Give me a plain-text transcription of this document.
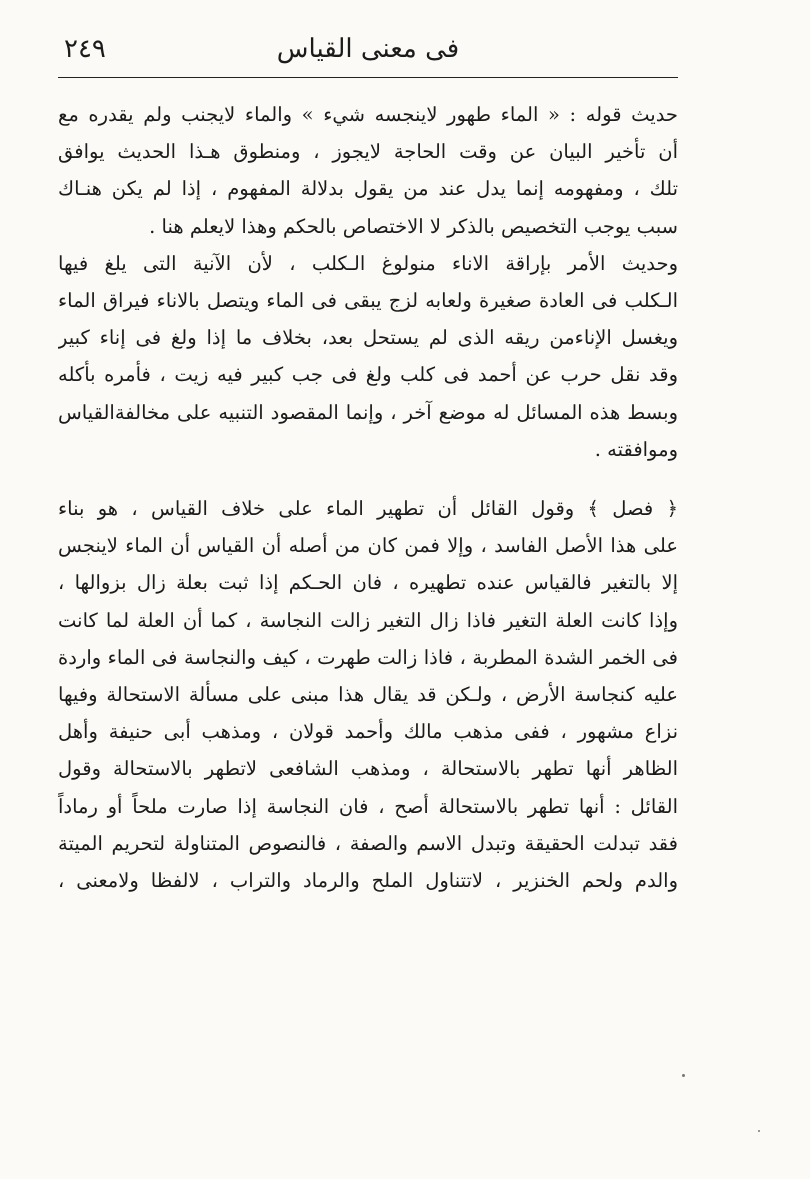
فى معنى القياس
٢٤٩
حديث قوله : « الماء طهور لاينجسه شيء » والماء لايجنب ولم يقدره مع
أن تأخير البيان عن وقت الحاجة لايجوز ، ومنطوق هـذا الحديث يوافق
تلك ، ومفهومه إنما يدل عند من يقول بدلالة المفهوم ، إذا لم يكن هنـاك
سبب يوجب التخصيص بالذكر لا الاختصاص بالحكم وهذا لايعلم هنا .
وحديث الأمر بإراقة الاناء منولوغ الـكلب ، لأن الآنية التى يلغ فيها
الـكلب فى العادة صغيرة ولعابه لزج يبقى فى الماء ويتصل بالاناء فيراق الماء
ويغسل الإناءمن ريقه الذى لم يستحل بعد، بخلاف ما إذا ولغ فى إناء كبير
وقد نقل حرب عن أحمد فى كلب ولغ فى جب كبير فيه زيت ، فأمره بأكله
وبسط هذه المسائل له موضع آخر ، وإنما المقصود التنبيه على مخالفةالقياس
وموافقته .
﴿ فصل ﴾ وقول القائل أن تطهير الماء على خلاف القياس ، هو بناء
على هذا الأصل الفاسد ، وإلا فمن كان من أصله أن القياس أن الماء لاينجس
إلا بالتغير فالقياس عنده تطهيره ، فان الحـكم إذا ثبت بعلة زال بزوالها ،
وإذا كانت العلة التغير فاذا زال التغير زالت النجاسة ، كما أن العلة لما كانت
فى الخمر الشدة المطربة ، فاذا زالت طهرت ، كيف والنجاسة فى الماء واردة
عليه كنجاسة الأرض ، ولـكن قد يقال هذا مبنى على مسألة الاستحالة وفيها
نزاع مشهور ، ففى مذهب مالك وأحمد قولان ، ومذهب أبى حنيفة وأهل
الظاهر أنها تطهر بالاستحالة ، ومذهب الشافعى لاتطهر بالاستحالة وقول
القائل : أنها تطهر بالاستحالة أصح ، فان النجاسة إذا صارت ملحاً أو رماداً
فقد تبدلت الحقيقة وتبدل الاسم والصفة ، فالنصوص المتناولة لتحريم الميتة
والدم ولحم الخنزير ، لاتتناول الملح والرماد والتراب ، لالفظا ولامعنى ،
